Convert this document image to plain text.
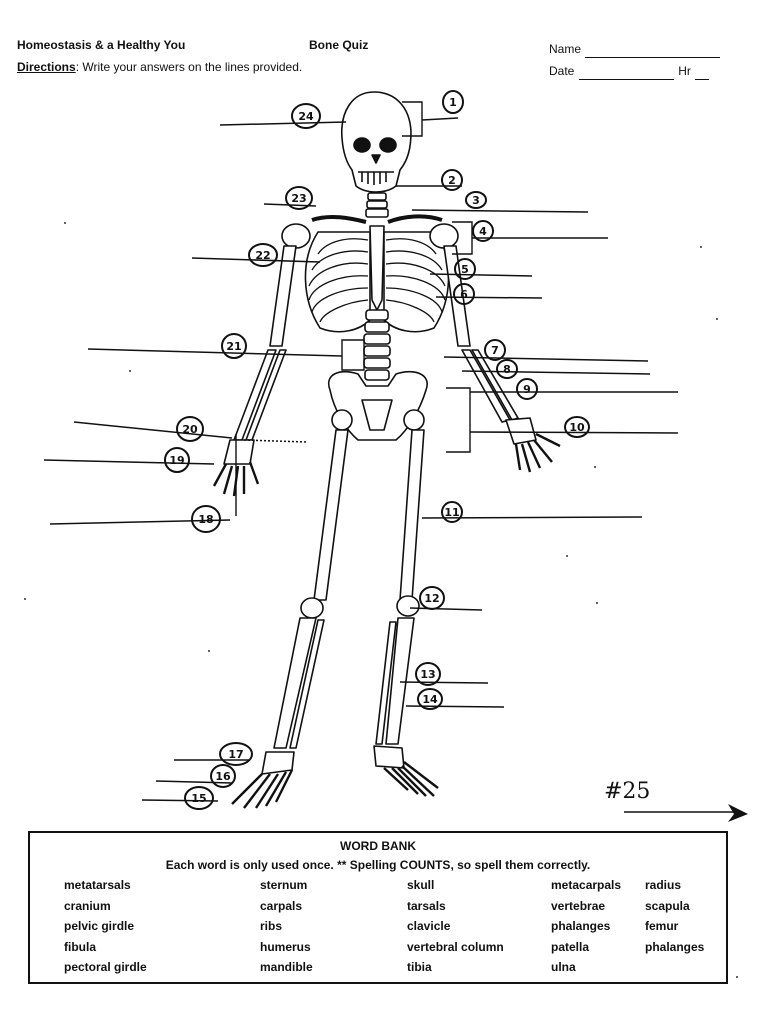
Homeostasis & a Healthy You	Bone Quiz
Directions: Write your answers on the lines provided.
Name
Date	Hr
1
2
3
4
5
6
7
8
9
10
11
12
13
14
15
16
17
18
19
20
21
22
23
24
#25
WORD BANK
Each word is only used once. ** Spelling COUNTS, so spell them correctly.
metatarsals
cranium
pelvic girdle
fibula
pectoral girdle
sternum
carpals
ribs
humerus
mandible
skull
tarsals
clavicle
vertebral column
tibia
metacarpals
vertebrae
phalanges
patella
ulna
radius
scapula
femur
phalanges
